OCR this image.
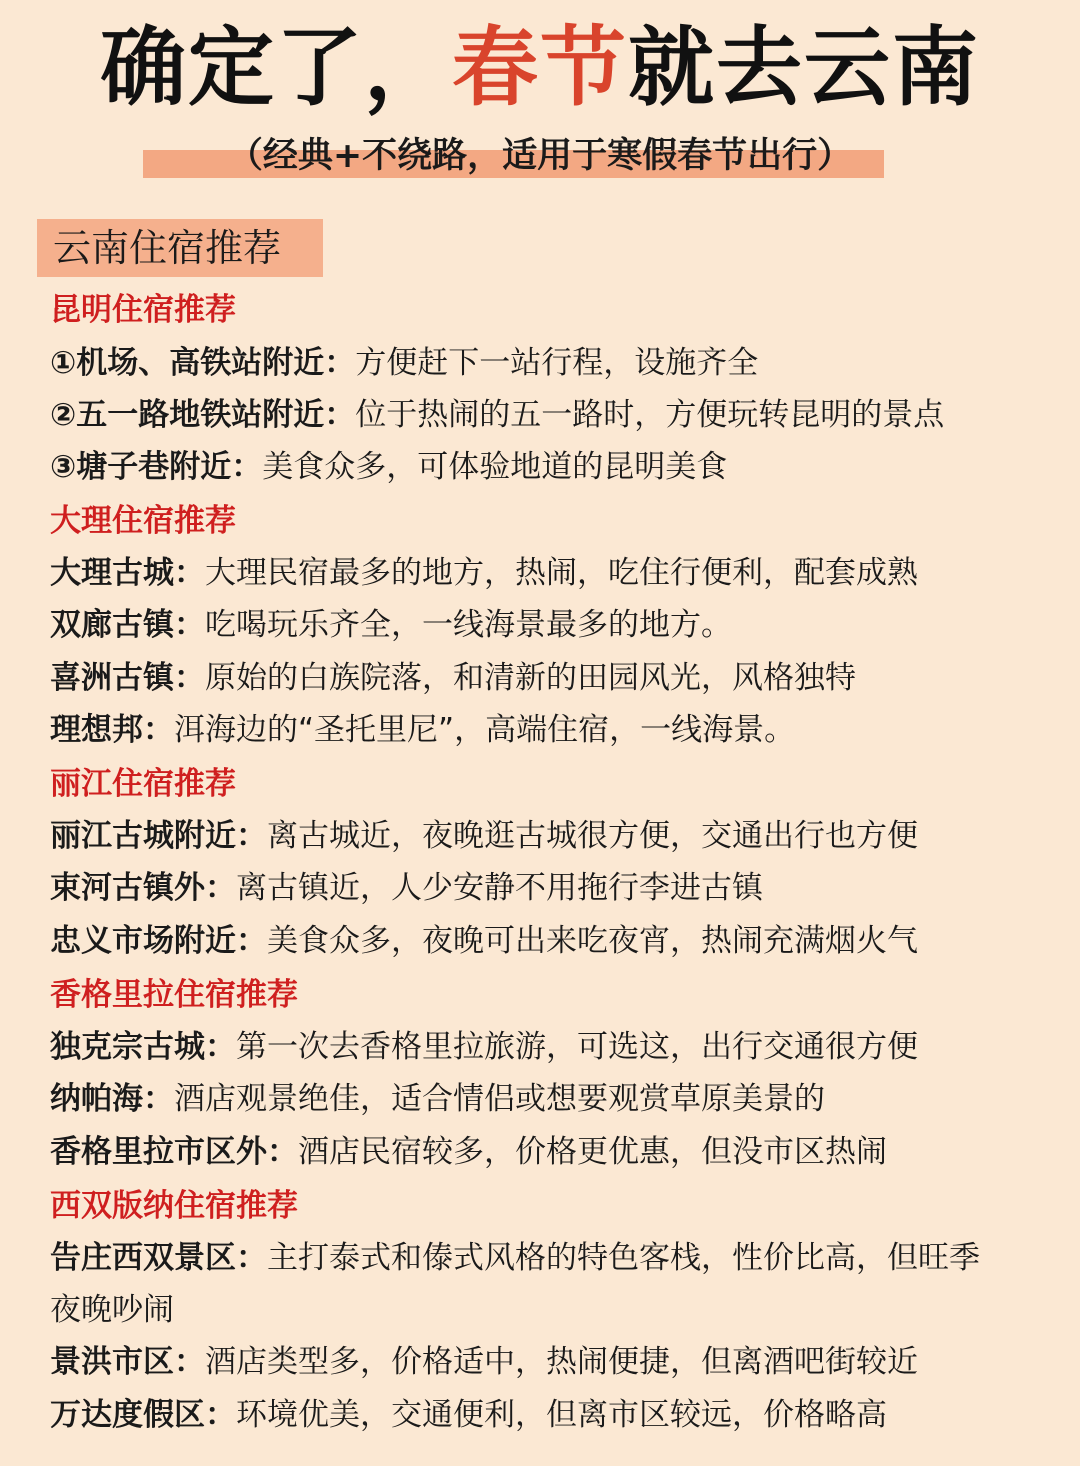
确定了，春节就去云南
（经典+不绕路，适用于寒假春节出行）
云南住宿推荐
昆明住宿推荐
①机场、高铁站附近：方便赶下一站行程，设施齐全
②五一路地铁站附近：位于热闹的五一路时，方便玩转昆明的景点
③塘子巷附近：美食众多，可体验地道的昆明美食
大理住宿推荐
大理古城：大理民宿最多的地方，热闹，吃住行便利，配套成熟
双廊古镇：吃喝玩乐齐全，一线海景最多的地方。
喜洲古镇：原始的白族院落，和清新的田园风光，风格独特
理想邦：洱海边的“圣托里尼”，高端住宿，一线海景。
丽江住宿推荐
丽江古城附近：离古城近，夜晚逛古城很方便，交通出行也方便
束河古镇外：离古镇近，人少安静不用拖行李进古镇
忠义市场附近：美食众多，夜晚可出来吃夜宵，热闹充满烟火气
香格里拉住宿推荐
独克宗古城：第一次去香格里拉旅游，可选这，出行交通很方便
纳帕海：酒店观景绝佳，适合情侣或想要观赏草原美景的
香格里拉市区外：酒店民宿较多，价格更优惠，但没市区热闹
西双版纳住宿推荐
告庄西双景区：主打泰式和傣式风格的特色客栈，性价比高，但旺季
夜晚吵闹
景洪市区：酒店类型多，价格适中，热闹便捷，但离酒吧街较近
万达度假区：环境优美，交通便利，但离市区较远，价格略高
